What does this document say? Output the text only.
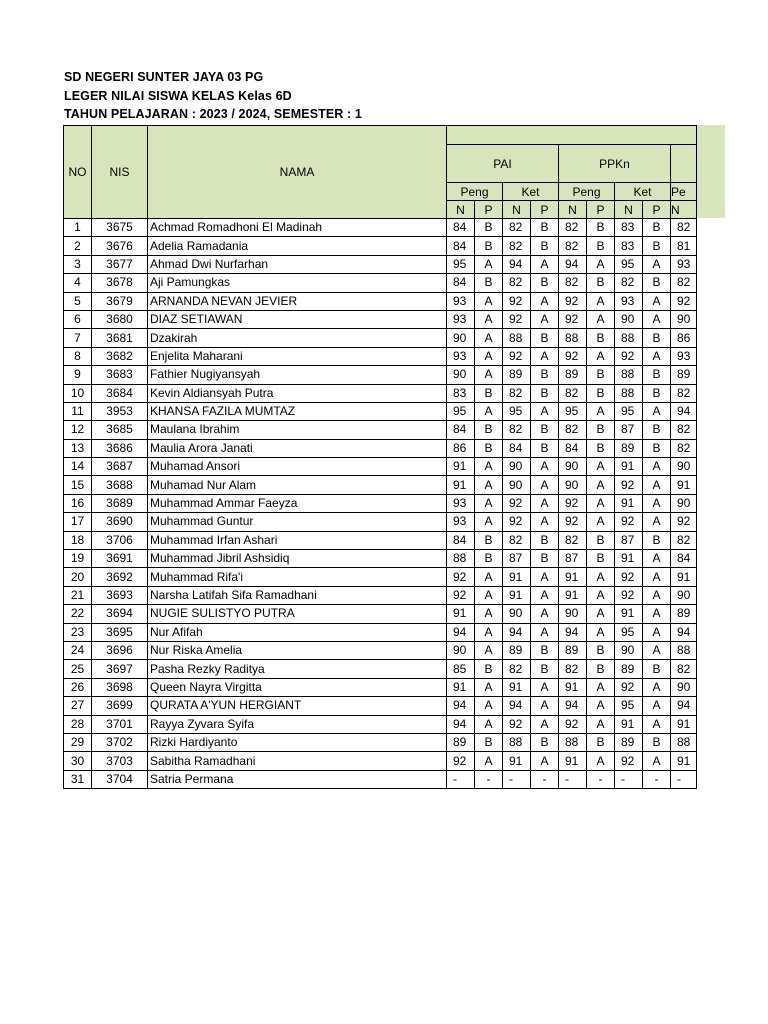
SD NEGERI SUNTER JAYA 03 PG
LEGER NILAI SISWA KELAS Kelas 6D
TAHUN PELAJARAN : 2023 / 2024, SEMESTER : 1
NO	NIS	NAMA									
			PAI				PPKn				
			Peng		Ket		Peng		Ket		Pe
			N	P	N	P	N	P	N	P	N
1	3675	Achmad Romadhoni El Madinah	84	B	82	B	82	B	83	B	82
2	3676	Adelia Ramadania	84	B	82	B	82	B	83	B	81
3	3677	Ahmad Dwi Nurfarhan	95	A	94	A	94	A	95	A	93
4	3678	Aji Pamungkas	84	B	82	B	82	B	82	B	82
5	3679	ARNANDA NEVAN JEVIER	93	A	92	A	92	A	93	A	92
6	3680	DIAZ SETIAWAN	93	A	92	A	92	A	90	A	90
7	3681	Dzakirah	90	A	88	B	88	B	88	B	86
8	3682	Enjelita Maharani	93	A	92	A	92	A	92	A	93
9	3683	Fathier Nugiyansyah	90	A	89	B	89	B	88	B	89
10	3684	Kevin Aldiansyah Putra	83	B	82	B	82	B	88	B	82
11	3953	KHANSA FAZILA MUMTAZ	95	A	95	A	95	A	95	A	94
12	3685	Maulana Ibrahim	84	B	82	B	82	B	87	B	82
13	3686	Maulia Arora Janati	86	B	84	B	84	B	89	B	82
14	3687	Muhamad Ansori	91	A	90	A	90	A	91	A	90
15	3688	Muhamad Nur Alam	91	A	90	A	90	A	92	A	91
16	3689	Muhammad Ammar Faeyza	93	A	92	A	92	A	91	A	90
17	3690	Muhammad Guntur	93	A	92	A	92	A	92	A	92
18	3706	Muhammad Irfan Ashari	84	B	82	B	82	B	87	B	82
19	3691	Muhammad Jibril Ashsidiq	88	B	87	B	87	B	91	A	84
20	3692	Muhammad Rifa'i	92	A	91	A	91	A	92	A	91
21	3693	Narsha Latifah Sifa Ramadhani	92	A	91	A	91	A	92	A	90
22	3694	NUGIE SULISTYO PUTRA	91	A	90	A	90	A	91	A	89
23	3695	Nur Afifah	94	A	94	A	94	A	95	A	94
24	3696	Nur Riska Amelia	90	A	89	B	89	B	90	A	88
25	3697	Pasha Rezky Raditya	85	B	82	B	82	B	89	B	82
26	3698	Queen Nayra Virgitta	91	A	91	A	91	A	92	A	90
27	3699	QURATA A'YUN HERGIANT	94	A	94	A	94	A	95	A	94
28	3701	Rayya Zyvara Syifa	94	A	92	A	92	A	91	A	91
29	3702	Rizki Hardiyanto	89	B	88	B	88	B	89	B	88
30	3703	Sabitha Ramadhani	92	A	91	A	91	A	92	A	91
31	3704	Satria Permana	-	-	-	-	-	-	-	-	-
